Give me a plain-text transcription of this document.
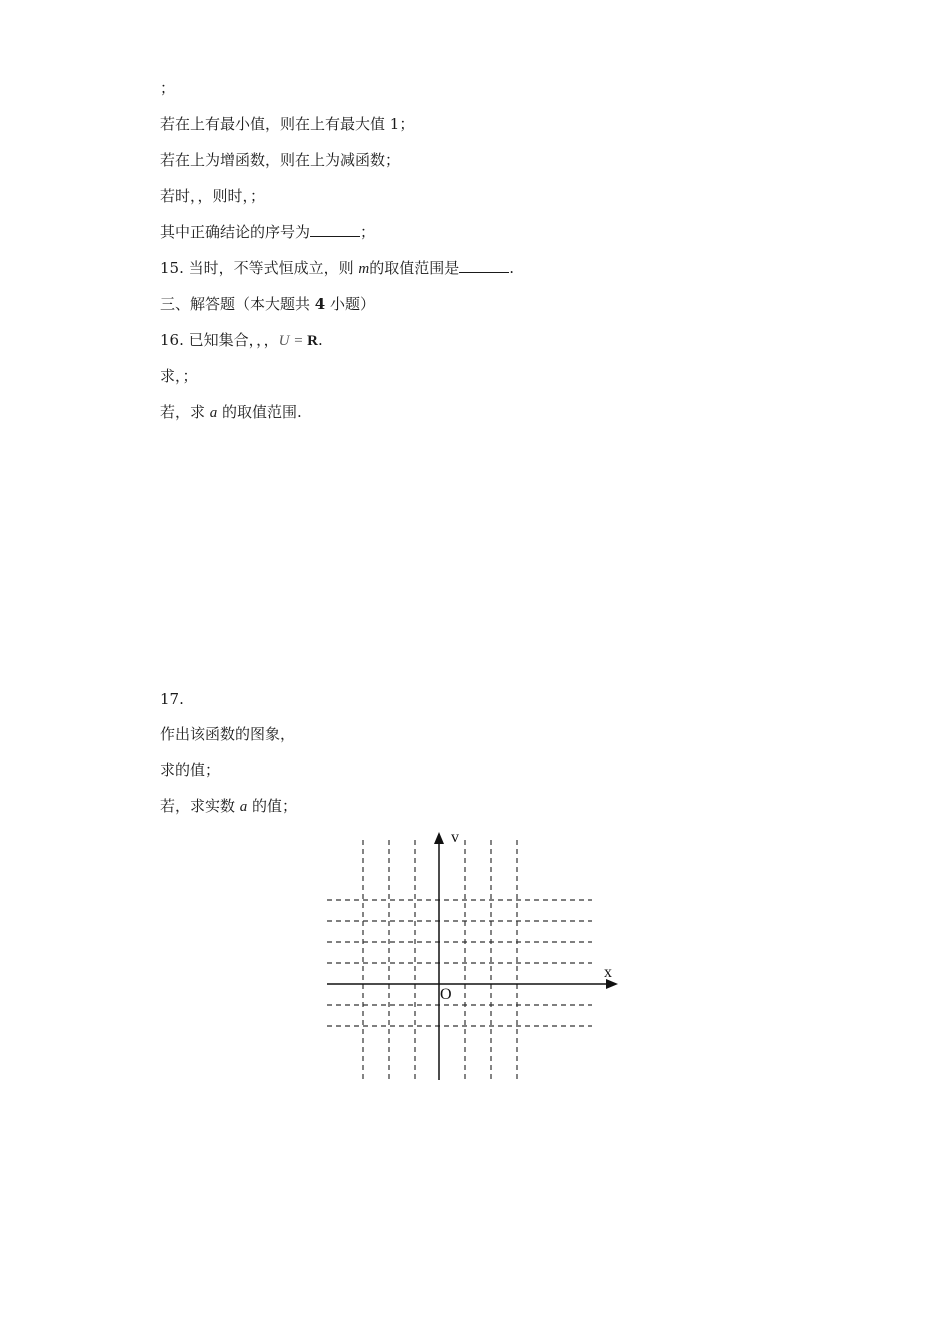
；
若在上有最小值，则在上有最大值 1；
若在上为增函数，则在上为减函数；
若时，，则时，；
其中正确结论的序号为	；
15. 当时，不等式恒成立，则 m的取值范围是	.
三、解答题（本大题共 4 小题）
16. 已知集合，，，U = R.
求，；
若，求 a 的取值范围.
17.
作出该函数的图象，
求的值；
若，求实数 a 的值；
v
x
O
